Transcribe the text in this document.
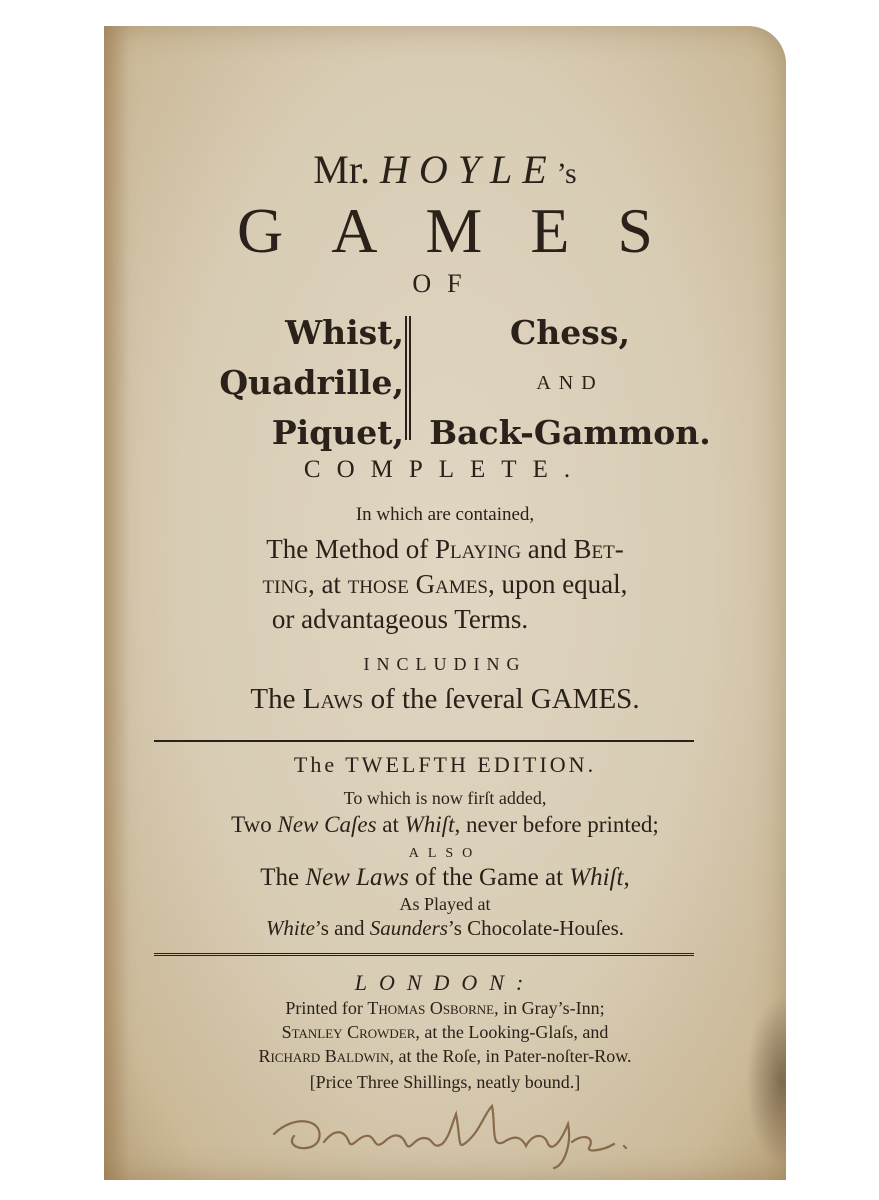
Mr. HOYLE’s
GAMES
OF
Whist,
Quadrille,
Piquet,
Chess,
AND
Back-Gammon.
COMPLETE.
In which are contained,
The Method of Playing and Bet-
ting, at those Games, upon equal,
or advantageous Terms.
INCLUDING
The Laws of the ſeveral GAMES.
The TWELFTH EDITION.
To which is now firſt added,
Two New Caſes at Whiſt, never before printed;
ALSO
The New Laws of the Game at Whiſt,
As Played at
White’s and Saunders’s Chocolate-Houſes.
LONDON:
Printed for Thomas Osborne, in Gray’s-Inn;
Stanley Crowder, at the Looking-Glaſs, and
Richard Baldwin, at the Roſe, in Pater-noſter-Row.
[Price Three Shillings, neatly bound.]
